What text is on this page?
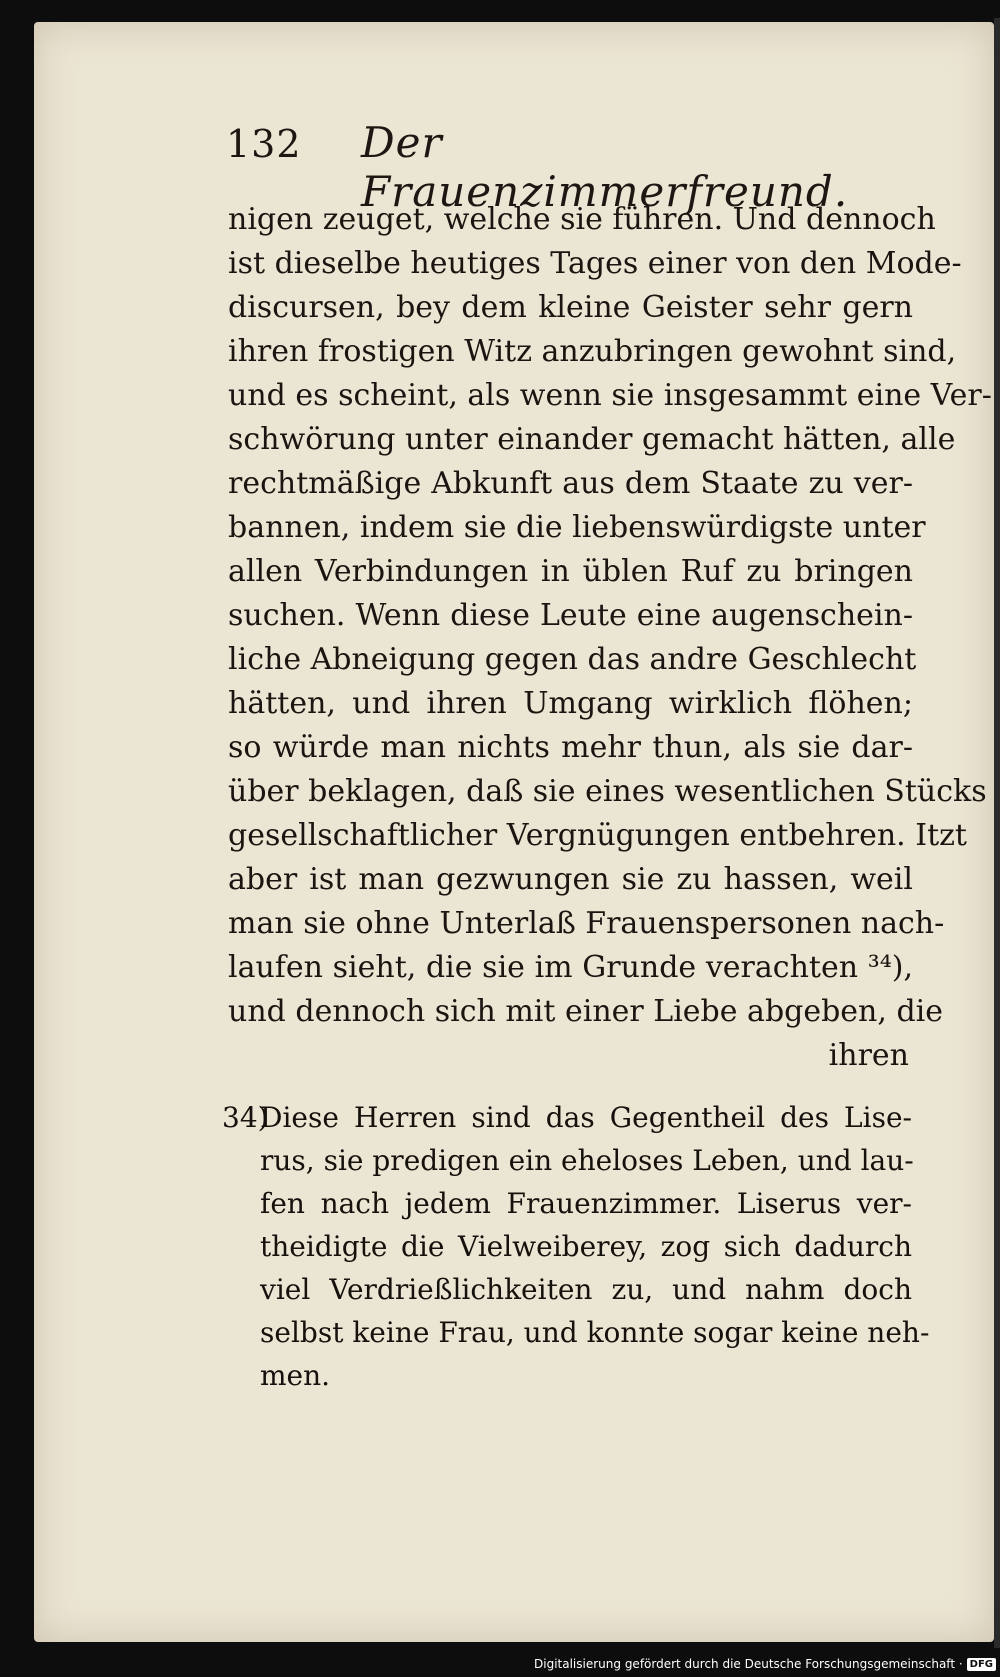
132 Der Frauenzimmerfreund.
nigen zeuget, welche sie führen. Und dennoch
ist dieselbe heutiges Tages einer von den Mode-
discursen, bey dem kleine Geister sehr gern
ihren frostigen Witz anzubringen gewohnt sind,
und es scheint, als wenn sie insgesammt eine Ver-
schwörung unter einander gemacht hätten, alle
rechtmäßige Abkunft aus dem Staate zu ver-
bannen, indem sie die liebenswürdigste unter
allen Verbindungen in üblen Ruf zu bringen
suchen. Wenn diese Leute eine augenschein-
liche Abneigung gegen das andre Geschlecht
hätten, und ihren Umgang wirklich flöhen;
so würde man nichts mehr thun, als sie dar-
über beklagen, daß sie eines wesentlichen Stücks
gesellschaftlicher Vergnügungen entbehren. Itzt
aber ist man gezwungen sie zu hassen, weil
man sie ohne Unterlaß Frauenspersonen nach-
laufen sieht, die sie im Grunde verachten ³⁴),
und dennoch sich mit einer Liebe abgeben, die
ihren
34)Diese Herren sind das Gegentheil des Lise-
rus, sie predigen ein eheloses Leben, und lau-
fen nach jedem Frauenzimmer. Liserus ver-
theidigte die Vielweiberey, zog sich dadurch
viel Verdrießlichkeiten zu, und nahm doch
selbst keine Frau, und konnte sogar keine neh-
men.
Digitalisierung gefördert durch die Deutsche Forschungsgemeinschaft · DFG
